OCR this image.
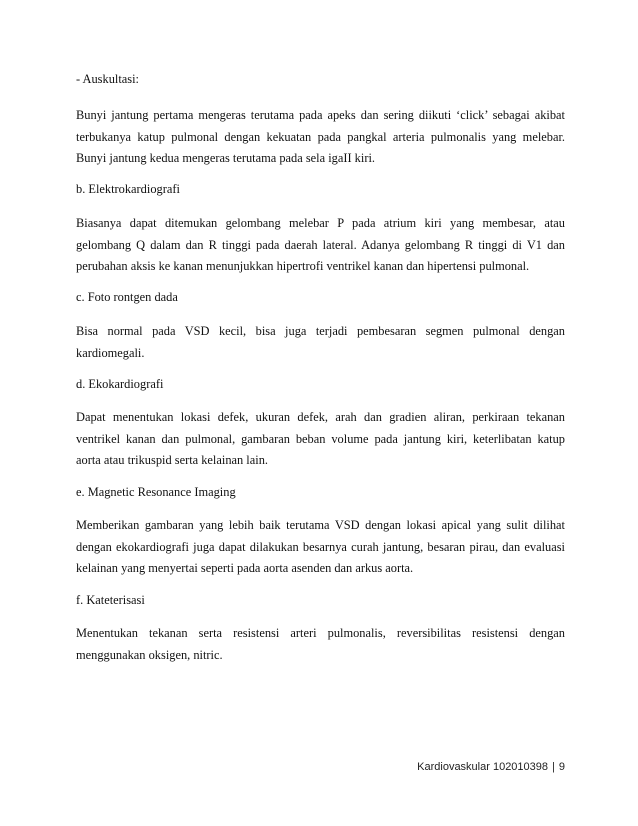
- Auskultasi:
Bunyi jantung pertama mengeras terutama pada apeks dan sering diikuti ‘click’ sebagai akibat
terbukanya katup pulmonal dengan kekuatan pada pangkal arteria pulmonalis yang melebar.
Bunyi jantung kedua mengeras terutama pada sela igaII kiri.
b. Elektrokardiografi
Biasanya dapat ditemukan gelombang melebar P pada atrium kiri yang membesar, atau
gelombang Q dalam dan R tinggi pada daerah lateral. Adanya gelombang R tinggi di V1 dan
perubahan aksis ke kanan menunjukkan hipertrofi ventrikel kanan dan hipertensi pulmonal.
c. Foto rontgen dada
Bisa normal pada VSD kecil, bisa juga terjadi pembesaran segmen pulmonal dengan
kardiomegali.
d. Ekokardiografi
Dapat menentukan lokasi defek, ukuran defek, arah dan gradien aliran, perkiraan tekanan
ventrikel kanan dan pulmonal, gambaran beban volume pada jantung kiri, keterlibatan katup
aorta atau trikuspid serta kelainan lain.
e. Magnetic Resonance Imaging
Memberikan gambaran yang lebih baik terutama VSD dengan lokasi apical yang sulit dilihat
dengan ekokardiografi juga dapat dilakukan besarnya curah jantung, besaran pirau, dan evaluasi
kelainan yang menyertai seperti pada aorta asenden dan arkus aorta.
f. Kateterisasi
Menentukan tekanan serta resistensi arteri pulmonalis, reversibilitas resistensi dengan
menggunakan oksigen, nitric.
Kardiovaskular 102010398 | 9
